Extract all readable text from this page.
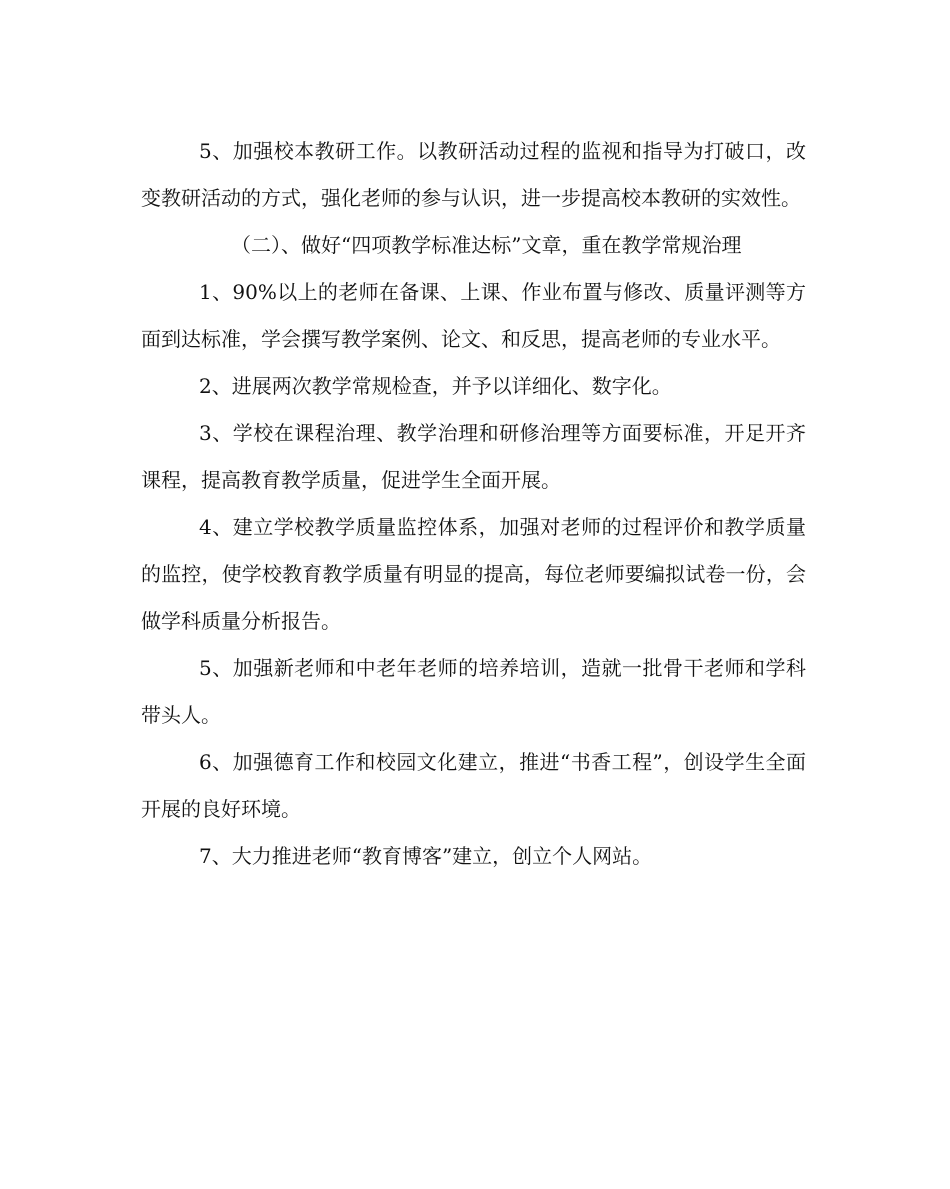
5、加强校本教研工作。以教研活动过程的监视和指导为打破口，改变教研活动的方式，强化老师的参与认识，进一步提高校本教研的实效性。

（二）、做好“四项教学标准达标”文章，重在教学常规治理

1、90%以上的老师在备课、上课、作业布置与修改、质量评测等方面到达标准，学会撰写教学案例、论文、和反思，提高老师的专业水平。

2、进展两次教学常规检查，并予以详细化、数字化。

3、学校在课程治理、教学治理和研修治理等方面要标准，开足开齐课程，提高教育教学质量，促进学生全面开展。

4、建立学校教学质量监控体系，加强对老师的过程评价和教学质量的监控，使学校教育教学质量有明显的提高，每位老师要编拟试卷一份，会做学科质量分析报告。

5、加强新老师和中老年老师的培养培训，造就一批骨干老师和学科带头人。

6、加强德育工作和校园文化建立，推进“书香工程”，创设学生全面开展的良好环境。

7、大力推进老师“教育博客”建立，创立个人网站。
